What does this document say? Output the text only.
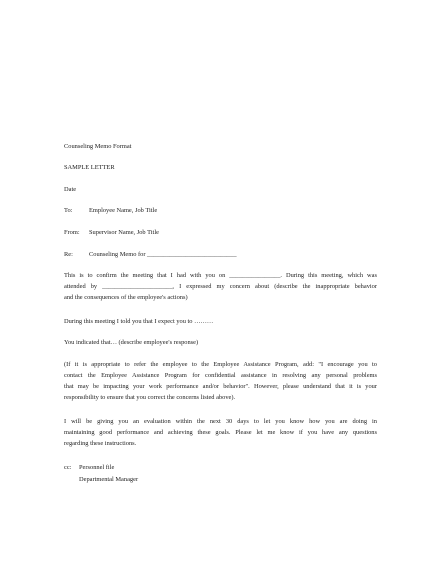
Counseling Memo Format
SAMPLE LETTER
Date
To:	Employee Name, Job Title
From: Supervisor Name, Job Title
Re:	Counseling Memo for ____________________________
This is to confirm the meeting that I had with you on ________________. During this meeting, which was
attended by ______________________, I expressed my concern about (describe the inappropriate behavior
and the consequences of the employee's actions)
During this meeting I told you that I expect you to ………
You indicated that… (describe employee's response)
(If it is appropriate to refer the employee to the Employee Assistance Program, add: "I encourage you to
contact the Employee Assistance Program for confidential assistance in resolving any personal problems
that may be impacting your work performance and/or behavior". However, please understand that it is your
responsibility to ensure that you correct the concerns listed above).
I will be giving you an evaluation within the next 30 days to let you know how you are doing in
maintaining good performance and achieving these goals. Please let me know if you have any questions
regarding these instructions.
cc: Personnel file
Departmental Manager
